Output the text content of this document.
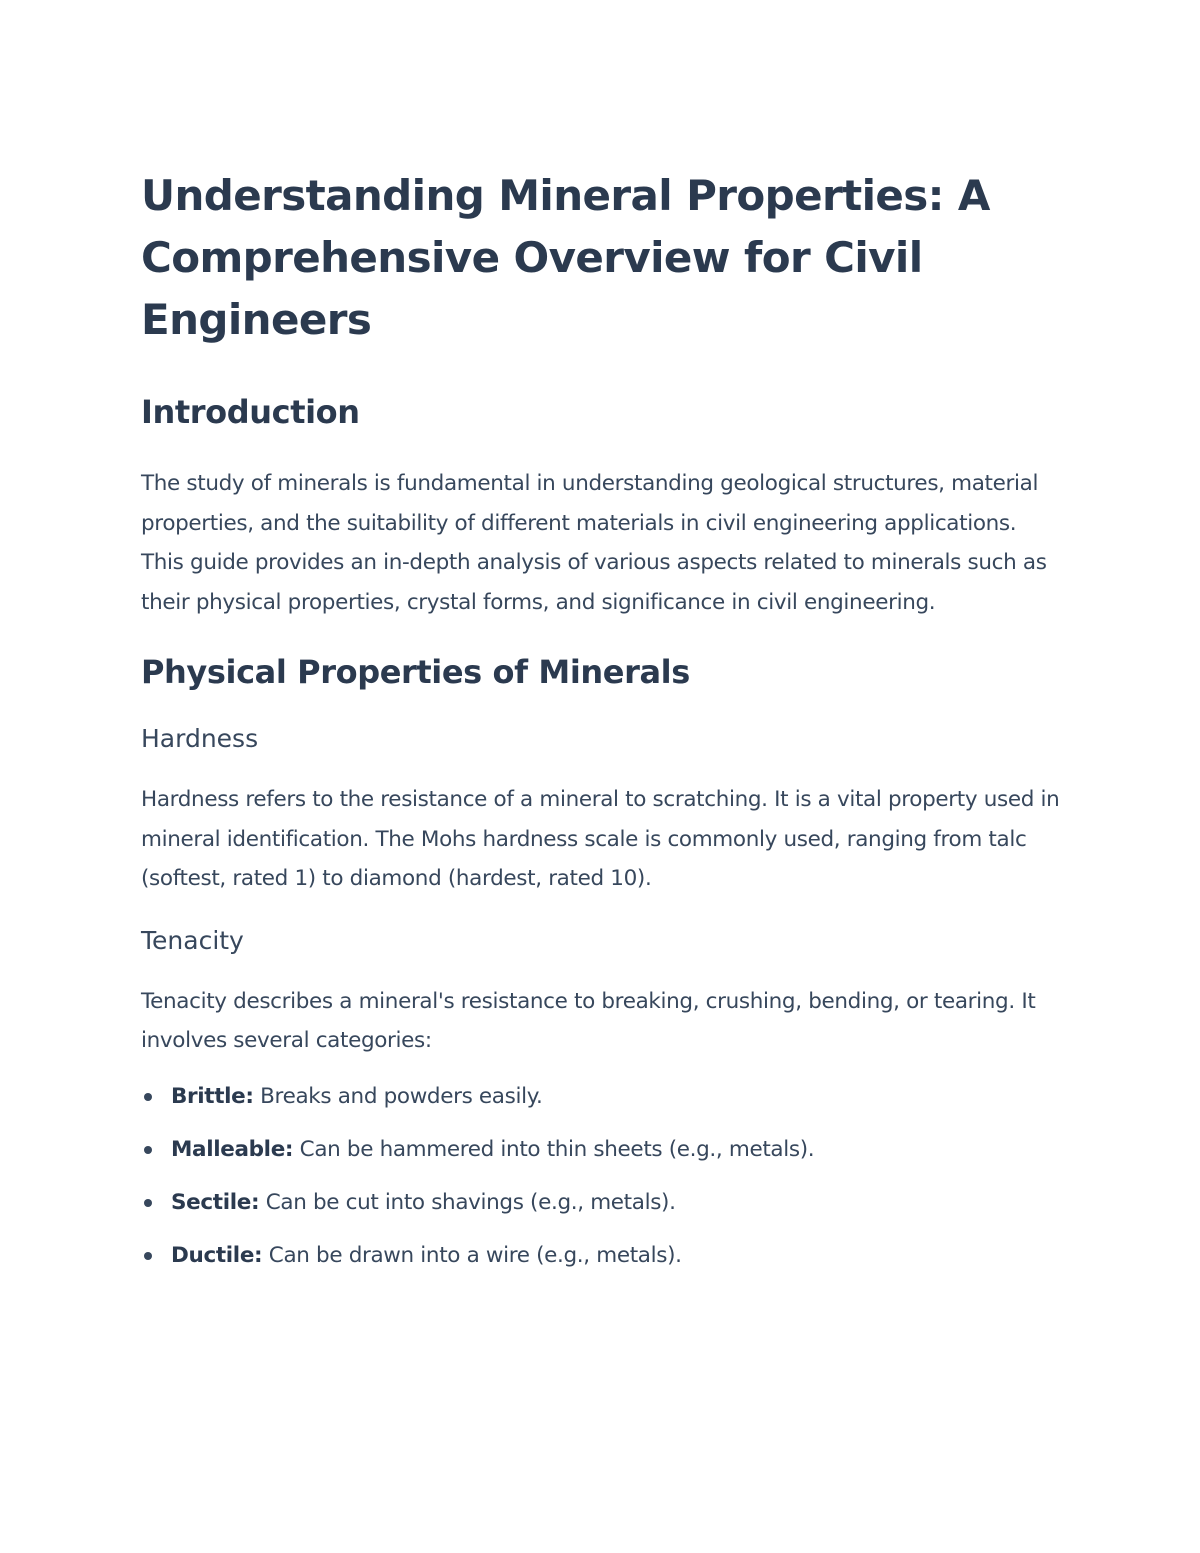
Understanding Mineral Properties: A Comprehensive Overview for Civil Engineers
Introduction

The study of minerals is fundamental in understanding geological structures, material properties, and the suitability of different materials in civil engineering applications. This guide provides an in-depth analysis of various aspects related to minerals such as their physical properties, crystal forms, and significance in civil engineering.

Physical Properties of Minerals
Hardness

Hardness refers to the resistance of a mineral to scratching. It is a vital property used in mineral identification. The Mohs hardness scale is commonly used, ranging from talc (softest, rated 1) to diamond (hardest, rated 10).

Tenacity

Tenacity describes a mineral's resistance to breaking, crushing, bending, or tearing. It involves several categories:

Brittle: Breaks and powders easily.
Malleable: Can be hammered into thin sheets (e.g., metals).
Sectile: Can be cut into shavings (e.g., metals).
Ductile: Can be drawn into a wire (e.g., metals).
